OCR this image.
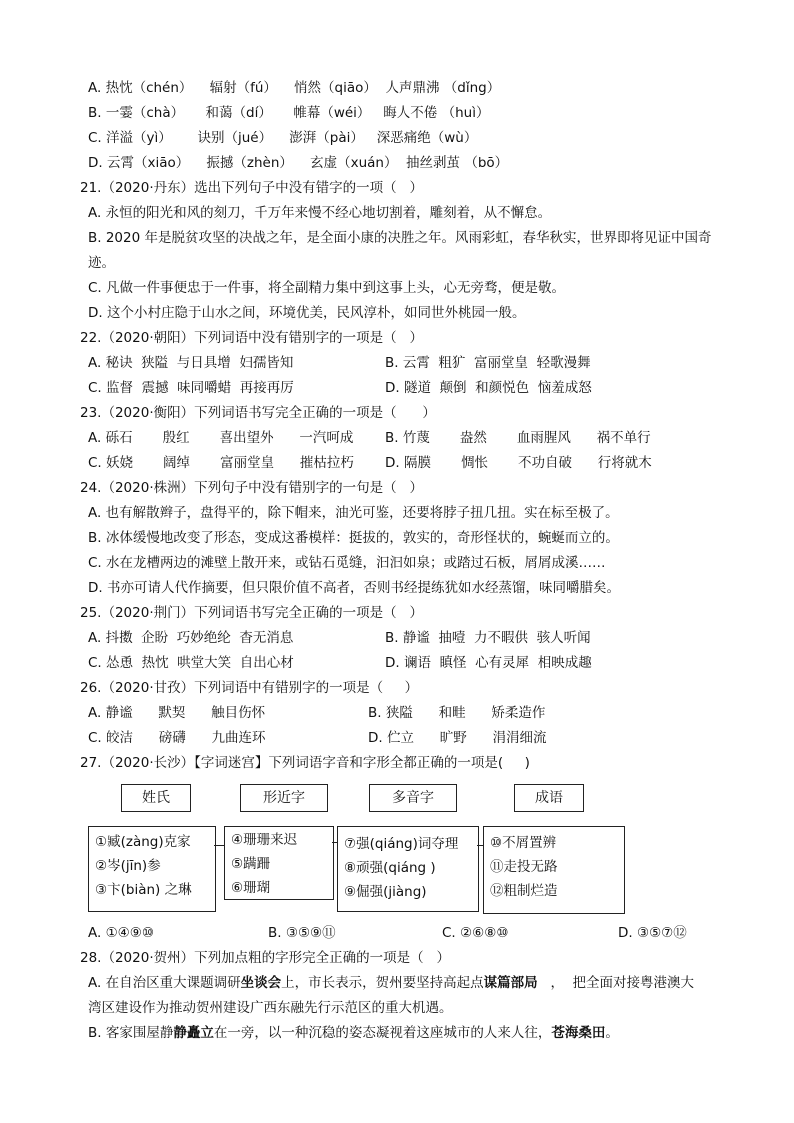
A. 热忱（chén）    辐射（fú）    悄然（qiāo）  人声鼎沸 （dǐng）
B. 一霎（chà）     和蔼（dí）     帷幕（wéi）   晦人不倦 （huì）
C. 洋溢（yì）      诀别（jué）    澎湃（pài）   深恶痛绝（wù）
D. 云霄（xiāo）    振撼（zhèn）    玄虚（xuán）  抽丝剥茧 （bō）
21.（2020·丹东）选出下列句子中没有错字的一项（   ）
A. 永恒的阳光和风的刻刀，千万年来慢不经心地切割着，雕刻着，从不懈怠。
B. 2020 年是脱贫攻坚的决战之年，是全面小康的决胜之年。风雨彩虹，春华秋实，世界即将见证中国奇
迹。
C. 凡做一件事便忠于一件事，将全副精力集中到这事上头，心无旁骛，便是敬。
D. 这个小村庄隐于山水之间，环境优美，民风淳朴，如同世外桃园一般。
22.（2020·朝阳）下列词语中没有错别字的一项是（   ）
A. 秘诀  狭隘  与日具增  妇孺皆知	B. 云霄  粗犷  富丽堂皇  轻歌漫舞
C. 监督  震撼  味同嚼蜡  再接再厉	D. 隧道  颠倒  和颜悦色  恼羞成怒
23.（2020·衡阳）下列词语书写完全正确的一项是（      ）
A. 砾石       殷红       喜出望外      一汽呵成 B. 竹蔑       盎然       血雨腥风      祸不单行
C. 妖娆       阔绰       富丽堂皇      摧枯拉朽 D. 隔膜       惆怅       不功自破      行将就木
24.（2020·株洲）下列句子中没有错别字的一句是（   ）
A. 也有解散辫子，盘得平的，除下帽来，油光可鉴，还要将脖子扭几扭。实在标至极了。
B. 冰体缓慢地改变了形态，变成这番模样：挺拔的，敦实的，奇形怪状的，蜿蜒而立的。
C. 水在龙槽两边的滩壁上散开来，或钻石觅缝，汩汩如泉；或踏过石板，屑屑成溪……
D. 书亦可请人代作摘要，但只限价值不高者，否则书经提练犹如水经蒸馏，味同嚼腊矣。
25.（2020·荆门）下列词语书写完全正确的一项是（   ）
A. 抖擞  企盼  巧妙绝纶  杳无消息	B. 静谧  抽噎  力不暇供  骇人听闻
C. 怂恿  热忱  哄堂大笑  自出心材	D. 谰语  瞋怪  心有灵犀  相映成趣
26.（2020·甘孜）下列词语中有错别字的一项是（     ）
A. 静谧      默契      触目伤怀	B. 狭隘      和畦      矫柔造作
C. 皎洁      磅礴      九曲连环	D. 伫立      旷野      涓涓细流
27.（2020·长沙）【字词迷宫】下列词语字音和字形全都正确的一项是(     )
姓氏	形近字	多音字	成语
①臧(zàng)克家
②岑(jīn)参
③卞(biàn) 之琳
④珊珊来迟
⑤蹒跚
⑥珊瑚
⑦强(qiáng)词夺理
⑧顽强(qiáng )
⑨倔强(jiàng)
⑩不屑置辨
⑪走投无路
⑫粗制烂造
A. ①④⑨⑩	B. ③⑤⑨⑪	C. ②⑥⑧⑩	D. ③⑤⑦⑫
28.（2020·贺州）下列加点粗的字形完全正确的一项是（   ）
A. 在自治区重大课题调研坐谈会上，市长表示，贺州要坚持高起点谋篇部局   ，  把全面对接粤港澳大
湾区建设作为推动贺州建设广西东融先行示范区的重大机遇。
B. 客家围屋静静矗立在一旁，以一种沉稳的姿态凝视着这座城市的人来人往，苍海桑田。
